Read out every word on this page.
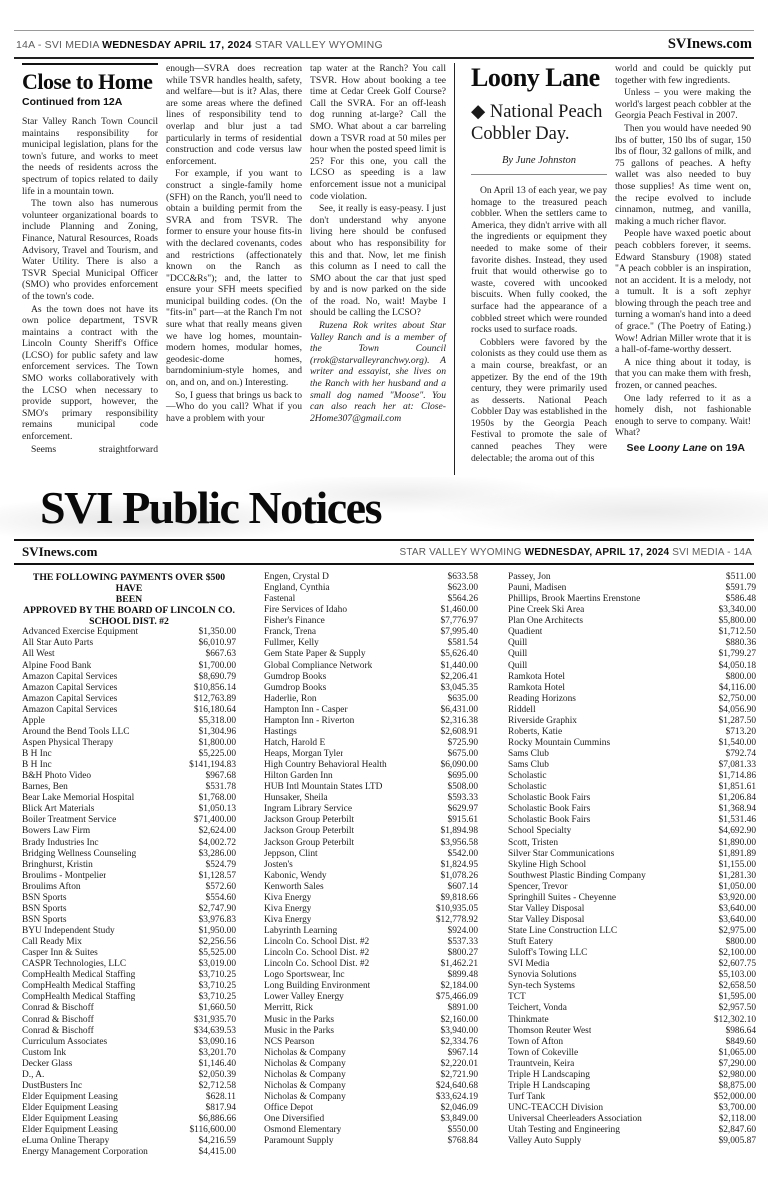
14A - SVI MEDIA WEDNESDAY APRIL 17, 2024 STAR VALLEY WYOMING	SVInews.com
Close to Home
Continued from 12A

Star Valley Ranch Town Council maintains responsibility for municipal legislation, plans for the town's future, and works to meet the needs of residents across the spectrum of topics related to daily life in a mountain town.

The town also has numerous volunteer organizational boards to include Planning and Zoning, Finance, Natural Resources, Roads Advisory, Travel and Tourism, and Water Utility. There is also a TSVR Special Municipal Officer (SMO) who provides enforcement of the town's code.

As the town does not have its own police department, TSVR maintains a contract with the Lincoln County Sheriff's Office (LCSO) for public safety and law enforcement services. The Town SMO works collaboratively with the LCSO when necessary to provide support, however, the SMO's primary responsibility remains municipal code enforcement.

Seems straightforward

enough—SVRA does recreation while TSVR handles health, safety, and welfare—but is it? Alas, there are some areas where the defined lines of responsibility tend to overlap and blur just a tad particularly in terms of residential construction and code versus law enforcement.

For example, if you want to construct a single-family home (SFH) on the Ranch, you'll need to obtain a building permit from the SVRA and from TSVR. The former to ensure your house fits-in with the declared covenants, codes and restrictions (affectionately known on the Ranch as "DCC&Rs"); and, the latter to ensure your SFH meets specified municipal building codes. (On the "fits-in" part—at the Ranch I'm not sure what that really means given we have log homes, mountain-modern homes, modular homes, geodesic-dome homes, barndominium-style homes, and on, and on, and on.) Interesting.

So, I guess that brings us back to—Who do you call? What if you have a problem with your

tap water at the Ranch? You call TSVR. How about booking a tee time at Cedar Creek Golf Course? Call the SVRA. For an off-leash dog running at-large? Call the SMO. What about a car barreling down a TSVR road at 50 miles per hour when the posted speed limit is 25? For this one, you call the LCSO as speeding is a law enforcement issue not a municipal code violation.

See, it really is easy-peasy. I just don't understand why anyone living here should be confused about who has responsibility for this and that. Now, let me finish this column as I need to call the SMO about the car that just sped by and is now parked on the side of the road. No, wait! Maybe I should be calling the LCSO?

Ruzena Rok writes about Star Valley Ranch and is a member of the Town Council (rrok@starvalleyranchwy.org). A writer and essayist, she lives on the Ranch with her husband and a small dog named "Moose". You can also reach her at: Close-2Home307@gmail.com

Loony Lane
◆ National Peach Cobbler Day.
By June Johnston

On April 13 of each year, we pay homage to the treasured peach cobbler. When the settlers came to America, they didn't arrive with all the ingredients or equipment they needed to make some of their favorite dishes. Instead, they used fruit that would otherwise go to waste, covered with uncooked biscuits. When fully cooked, the surface had the appearance of a cobbled street which were rounded rocks used to surface roads.

Cobblers were favored by the colonists as they could use them as a main course, breakfast, or an appetizer. By the end of the 19th century, they were primarily used as desserts. National Peach Cobbler Day was established in the 1950s by the Georgia Peach Festival to promote the sale of canned peaches They were delectable; the aroma out of this

world and could be quickly put together with few ingredients.

Unless – you were making the world's largest peach cobbler at the Georgia Peach Festival in 2007.

Then you would have needed 90 lbs of butter, 150 lbs of sugar, 150 lbs of flour, 32 gallons of milk, and 75 gallons of peaches. A hefty wallet was also needed to buy those supplies! As time went on, the recipe evolved to include cinnamon, nutmeg, and vanilla, making a much richer flavor.

People have waxed poetic about peach cobblers forever, it seems. Edward Stansbury (1908) stated "A peach cobbler is an inspiration, not an accident. It is a melody, not a tumult. It is a soft zephyr blowing through the peach tree and turning a woman's hand into a deed of grace." (The Poetry of Eating.) Wow! Adrian Miller wrote that it is a hall-of-fame-worthy dessert.

A nice thing about it today, is that you can make them with fresh, frozen, or canned peaches.

One lady referred to it as a homely dish, not fashionable enough to serve to company. Wait! What?

See Loony Lane on 19A
SVI Public Notices
SVInews.com	STAR VALLEY WYOMING WEDNESDAY, APRIL 17, 2024 SVI MEDIA - 14A
THE FOLLOWING PAYMENTS OVER $500 HAVE
BEEN
APPROVED BY THE BOARD OF LINCOLN CO.
SCHOOL DIST. #2
Advanced Exercise Equipment	$1,350.00
All Star Auto Parts	$6,010.97
All West	$667.63
Alpine Food Bank	$1,700.00
Amazon Capital Services	$8,690.79
Amazon Capital Services	$10,856.14
Amazon Capital Services	$12,763.89
Amazon Capital Services	$16,180.64
Apple	$5,318.00
Around the Bend Tools LLC	$1,304.96
Aspen Physical Therapy	$1,800.00
B H Inc	$5,225.00
B H Inc	$141,194.83
B&H Photo Video	$967.68
Barnes, Ben	$531.78
Bear Lake Memorial Hospital	$1,768.00
Blick Art Materials	$1,050.13
Boiler Treatment Service	$71,400.00
Bowers Law Firm	$2,624.00
Brady Industries Inc	$4,002.72
Bridging Wellness Counseling	$3,286.00
Bringhurst, Kristin	$524.79
Broulims - Montpelier	$1,128.57
Broulims Afton	$572.60
BSN Sports	$554.60
BSN Sports	$2,747.90
BSN Sports	$3,976.83
BYU Independent Study	$1,950.00
Call Ready Mix	$2,256.56
Casper Inn & Suites	$5,525.00
CASPR Technologies, LLC	$3,019.00
CompHealth Medical Staffing	$3,710.25
CompHealth Medical Staffing	$3,710.25
CompHealth Medical Staffing	$3,710.25
Conrad & Bischoff	$1,660.50
Conrad & Bischoff	$31,935.70
Conrad & Bischoff	$34,639.53
Curriculum Associates	$3,090.16
Custom Ink	$3,201.70
Decker Glass	$1,146.40
D., A.	$2,050.39
DustBusters Inc	$2,712.58
Elder Equipment Leasing	$628.11
Elder Equipment Leasing	$817.94
Elder Equipment Leasing	$6,886.66
Elder Equipment Leasing	$116,600.00
eLuma Online Therapy	$4,216.59
Energy Management Corporation	$4,415.00
Engen, Crystal D	$633.58
England, Cynthia	$623.00
Fastenal	$564.26
Fire Services of Idaho	$1,460.00
Fisher's Finance	$7,776.97
Franck, Trena	$7,995.40
Fullmer, Kelly	$581.54
Gem State Paper & Supply	$5,626.40
Global Compliance Network	$1,440.00
Gumdrop Books	$2,206.41
Gumdrop Books	$3,045.35
Haderlie, Ron	$635.00
Hampton Inn - Casper	$6,431.00
Hampton Inn - Riverton	$2,316.38
Hastings	$2,608.91
Hatch, Harold E	$725.90
Heaps, Morgan Tyler	$675.00
High Country Behavioral Health	$6,090.00
Hilton Garden Inn	$695.00
HUB Intl Mountain States LTD	$508.00
Hunsaker, Sheila	$593.33
Ingram Library Service	$629.97
Jackson Group Peterbilt	$915.61
Jackson Group Peterbilt	$1,894.98
Jackson Group Peterbilt	$3,956.58
Jeppson, Clint	$542.00
Josten's	$1,824.95
Kabonic, Wendy	$1,078.26
Kenworth Sales	$607.14
Kiva Energy	$9,818.66
Kiva Energy	$10,935.05
Kiva Energy	$12,778.92
Labyrinth Learning	$924.00
Lincoln Co. School Dist. #2	$537.33
Lincoln Co. School Dist. #2	$800.27
Lincoln Co. School Dist. #2	$1,462.21
Logo Sportswear, Inc	$899.48
Long Building Environment	$2,184.00
Lower Valley Energy	$75,466.09
Merritt, Rick	$891.00
Music in the Parks	$2,160.00
Music in the Parks	$3,940.00
NCS Pearson	$2,334.76
Nicholas & Company	$967.14
Nicholas & Company	$2,220.01
Nicholas & Company	$2,721.90
Nicholas & Company	$24,640.68
Nicholas & Company	$33,624.19
Office Depot	$2,046.09
One Diversified	$3,849.00
Osmond Elementary	$550.00
Paramount Supply	$768.84
Passey, Jon	$511.00
Pauni, Madisen	$591.79
Phillips, Brook Maertins Erenstone	$586.48
Pine Creek Ski Area	$3,340.00
Plan One Architects	$5,800.00
Quadient	$1,712.50
Quill	$880.36
Quill	$1,799.27
Quill	$4,050.18
Ramkota Hotel	$800.00
Ramkota Hotel	$4,116.00
Reading Horizons	$2,750.00
Riddell	$4,056.90
Riverside Graphix	$1,287.50
Roberts, Katie	$713.20
Rocky Mountain Cummins	$1,540.00
Sams Club	$792.74
Sams Club	$7,081.33
Scholastic	$1,714.86
Scholastic	$1,851.61
Scholastic Book Fairs	$1,206.84
Scholastic Book Fairs	$1,368.94
Scholastic Book Fairs	$1,531.46
School Specialty	$4,692.90
Scott, Tristen	$1,890.00
Silver Star Communications	$1,891.89
Skyline High School	$1,155.00
Southwest Plastic Binding Company	$1,281.30
Spencer, Trevor	$1,050.00
Springhill Suites - Cheyenne	$3,920.00
Star Valley Disposal	$3,640.00
Star Valley Disposal	$3,640.00
State Line Construction LLC	$2,975.00
Stuft Eatery	$800.00
Suloff's Towing LLC	$2,100.00
SVI Media	$2,607.75
Synovia Solutions	$5,103.00
Syn-tech Systems	$2,658.50
TCT	$1,595.00
Teichert, Vonda	$2,957.50
Thinkmate	$12,302.10
Thomson Reuter West	$986.64
Town of Afton	$849.60
Town of Cokeville	$1,065.00
Trauntvein, Keira	$7,290.00
Triple H Landscaping	$2,980.00
Triple H Landscaping	$8,875.00
Turf Tank	$52,000.00
UNC-TEACCH Division	$3,700.00
Universal Cheerleaders Association	$2,118.00
Utah Testing and Engineering	$2,847.60
Valley Auto Supply	$9,005.87
